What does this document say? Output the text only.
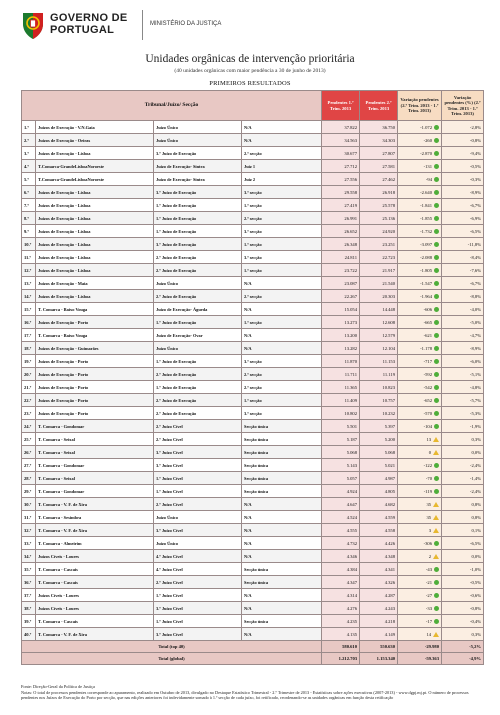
GOVERNO DE
PORTUGAL	MINISTÉRIO DA JUSTIÇA
Unidades orgânicas de intervenção prioritária
(40 unidades orgânicas com maior pendência a 30 de junho de 2013)
PRIMEIROS RESULTADOS
Tribunal/Juízo/ Secção				Pendentes 1.º Trim. 2013	Pendentes 2.º Trim. 2013	Variação pendentes (2.º Trim. 2013 - 1.º Trim. 2013)	Variação pendentes (%) (2.º Trim. 2013 - 1.º Trim. 2013)
1.º	Juízos de Execução - V.N.Gaia	Juízo Único	N/A	37.822	36.750	-1.072	-2,8%
2.º	Juízos de Execução - Oeiras	Juízo Único	N/A	34.563	34.303	-260	-0,8%
3.º	Juízos de Execução - Lisboa	3.º Juízo de Execução	2.ª secção	30.677	27.807	-2.870	-9,4%
4.º	T.Comarca-GrandeLisboaNoroeste	Juízo de Execução- Sintra	Juiz 1	27.712	27.581	-131	-0,5%
5.º	T.Comarca-GrandeLisboaNoroeste	Juízo de Execução- Sintra	Juiz 2	27.556	27.462	-94	-0,3%
6.º	Juízos de Execução - Lisboa	3.º Juízo de Execução	3.ª secção	29.558	26.918	-2.640	-8,9%
7.º	Juízos de Execução - Lisboa	1.º Juízo de Execução	1.ª secção	27.419	25.578	-1.841	-6,7%
8.º	Juízos de Execução - Lisboa	1.º Juízo de Execução	2.ª secção	26.991	25.136	-1.855	-6,9%
9.º	Juízos de Execução - Lisboa	1.º Juízo de Execução	3.ª secção	26.652	24.920	-1.732	-6,5%
10.º	Juízos de Execução - Lisboa	3.º Juízo de Execução	1.ª secção	26.348	23.251	-3.097	-11,8%
11.º	Juízos de Execução - Lisboa	2.º Juízo de Execução	3.ª secção	24.811	22.723	-2.088	-8,4%
12.º	Juízos de Execução - Lisboa	2.º Juízo de Execução	1.ª secção	23.722	21.917	-1.805	-7,6%
13.º	Juízos de Execução - Maia	Juízo Único	N/A	23.087	21.540	-1.547	-6,7%
14.º	Juízos de Execução - Lisboa	2.º Juízo de Execução	2.ª secção	22.267	20.303	-1.964	-8,8%
15.º	T. Comarca - Baixo Vouga	Juízo de Execução- Águeda	N/A	15.054	14.448	-606	-4,0%
16.º	Juízos de Execução - Porto	1.º Juízo de Execução	1.ª secção	13.273	12.608	-665	-5,0%
17.º	T. Comarca - Baixo Vouga	Juízo de Execução- Ovar	N/A	13.200	12.579	-621	-4,7%
18.º	Juízos de Execução - Guimarães	Juízo Único	N/A	13.282	12.104	-1.178	-8,9%
19.º	Juízos de Execução - Porto	1.º Juízo de Execução	3.ª secção	11.870	11.153	-717	-6,0%
20.º	Juízos de Execução - Porto	2.º Juízo de Execução	2.ª secção	11.711	11.119	-592	-5,1%
21.º	Juízos de Execução - Porto	1.º Juízo de Execução	2.ª secção	11.365	10.823	-542	-4,8%
22.º	Juízos de Execução - Porto	2.º Juízo de Execução	1.ª secção	11.409	10.757	-652	-5,7%
23.º	Juízos de Execução - Porto	2.º Juízo de Execução	3.ª secção	10.802	10.232	-570	-5,3%
24.º	T. Comarca - Gondomar	2.º Juízo Cível	Secção única	5.501	5.397	-104	-1,9%
25.º	T. Comarca - Seixal	2.º Juízo Cível	Secção única	5.187	5.200	13	0,3%
26.º	T. Comarca - Seixal	3.º Juízo Cível	Secção única	5.068	5.068	0	0,0%
27.º	T. Comarca - Gondomar	3.º Juízo Cível	Secção única	5.143	5.021	-122	-2,4%
28.º	T. Comarca - Seixal	1.º Juízo Cível	Secção única	5.057	4.987	-70	-1,4%
29.º	T. Comarca - Gondomar	1.º Juízo Cível	Secção única	4.924	4.805	-119	-2,4%
30.º	T. Comarca - V. F. de Xira	2.º Juízo Cível	N/A	4.647	4.682	35	0,8%
31.º	T. Comarca - Sesimbra	Juízo Único	N/A	4.524	4.559	35	0,8%
32.º	T. Comarca - V. F. de Xira	3.º Juízo Cível	N/A	4.555	4.558	3	0,1%
33.º	T. Comarca - Almeirim	Juízo Único	N/A	4.732	4.426	-306	-6,5%
34.º	Juízos Cíveis - Loures	4.º Juízo Cível	N/A	4.346	4.348	2	0,0%
35.º	T. Comarca - Cascais	4.º Juízo Cível	Secção única	4.384	4.341	-43	-1,0%
36.º	T. Comarca - Cascais	2.º Juízo Cível	Secção única	4.347	4.326	-21	-0,5%
37.º	Juízos Cíveis - Loures	1.º Juízo Cível	N/A	4.314	4.287	-27	-0,6%
38.º	Juízos Cíveis - Loures	3.º Juízo Cível	N/A	4.276	4.243	-33	-0,8%
39.º	T. Comarca - Cascais	1.º Juízo Cível	Secção única	4.235	4.218	-17	-0,4%
40.º	T. Comarca - V. F. de Xira	3.º Juízo Cível	N/A	4.135	4.149	14	0,3%
Total (top 40)				580.610	550.630	-29.980	-5,2%
Total (global)				1.212.703	1.153.340	-59.363	-4,9%
Fonte: Direção-Geral da Política de Justiça
Notas: O total de processos pendentes corresponde ao apuramento, realizado em Outubro de 2013, divulgado no Destaque Estatístico Trimestral - 2.º Trimestre de 2013 - Estatísticas sobre ações executivas (2007-2013) - www.dgpj.mj.pt. O número de processos pendentes nos Juízos de Execução do Porto por secção, que nas edições anteriores foi indevidamente somado à 1.ª secção de cada juízo, foi retificado, reordenando-se as unidades orgânicas em função desta retificação
